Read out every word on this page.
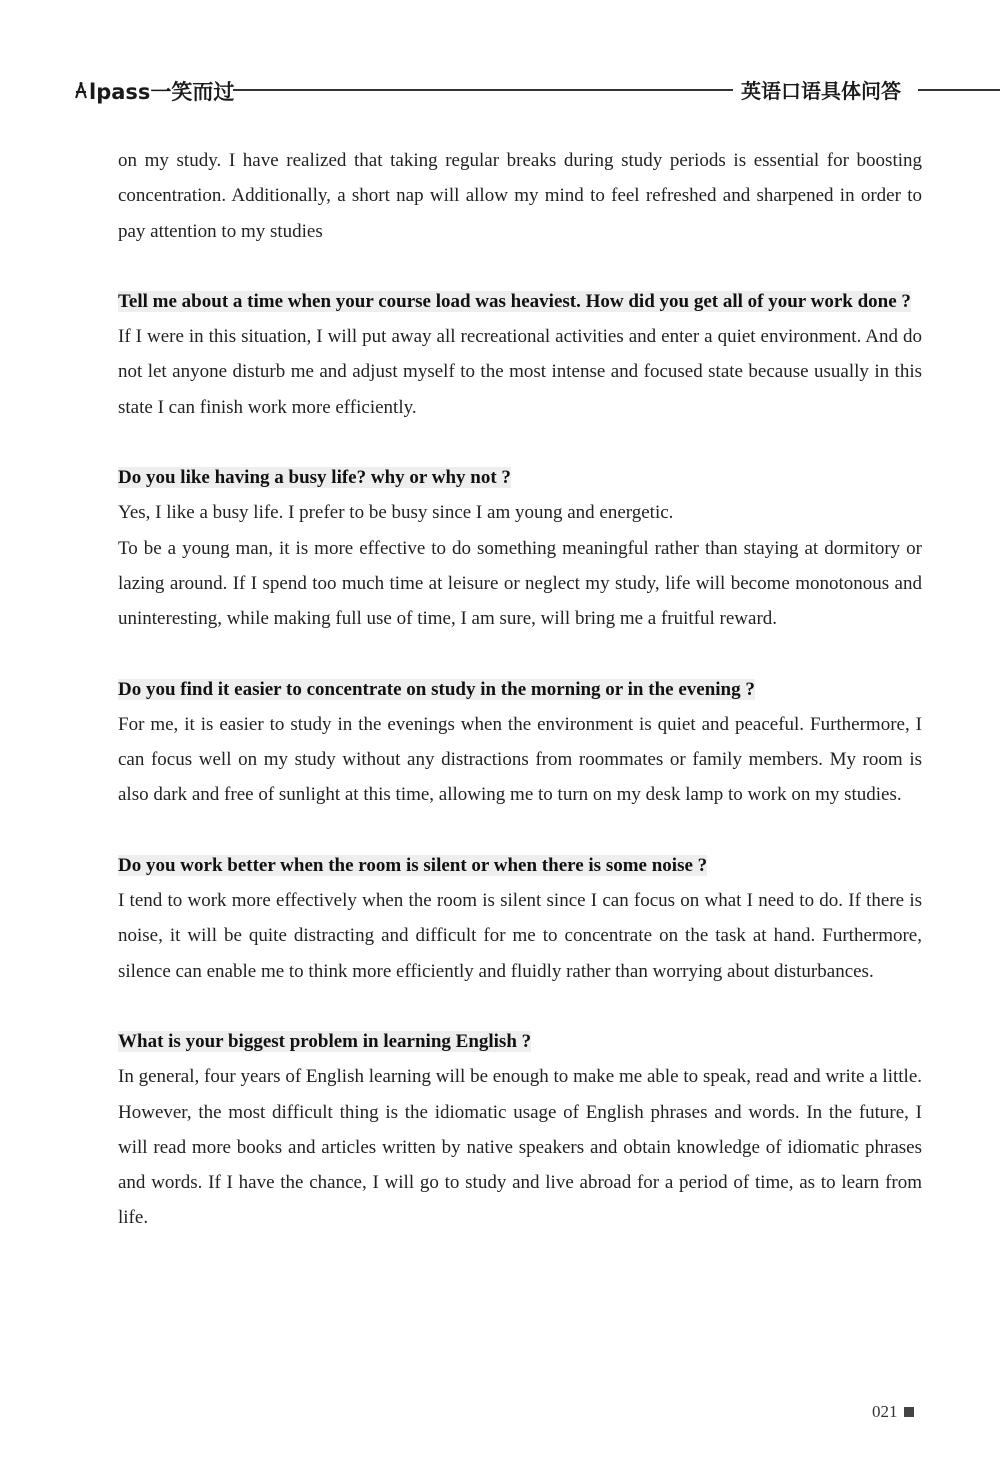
lpass一笑而过	英语口语具体问答

on my study. I have realized that taking regular breaks during study periods is essential for boosting concentration. Additionally, a short nap will allow my mind to feel refreshed and sharpened in order to pay attention to my studies

Tell me about a time when your course load was heaviest. How did you get all of your work done ?

If I were in this situation, I will put away all recreational activities and enter a quiet environment. And do not let anyone disturb me and adjust myself to the most intense and focused state because usually in this state I can finish work more efficiently.

Do you like having a busy life? why or why not ?

Yes, I like a busy life. I prefer to be busy since I am young and energetic.

To be a young man, it is more effective to do something meaningful rather than staying at dormitory or lazing around. If I spend too much time at leisure or neglect my study, life will become monotonous and uninteresting, while making full use of time, I am sure, will bring me a fruitful reward.

Do you find it easier to concentrate on study in the morning or in the evening ?

For me, it is easier to study in the evenings when the environment is quiet and peaceful. Furthermore, I can focus well on my study without any distractions from roommates or family members. My room is also dark and free of sunlight at this time, allowing me to turn on my desk lamp to work on my studies.

Do you work better when the room is silent or when there is some noise ?

I tend to work more effectively when the room is silent since I can focus on what I need to do. If there is noise, it will be quite distracting and difficult for me to concentrate on the task at hand. Furthermore, silence can enable me to think more efficiently and fluidly rather than worrying about disturbances.

What is your biggest problem in learning English ?

In general, four years of English learning will be enough to make me able to speak, read and write a little. However, the most difficult thing is the idiomatic usage of English phrases and words. In the future, I will read more books and articles written by native speakers and obtain knowledge of idiomatic phrases and words. If I have the chance, I will go to study and live abroad for a period of time, as to learn from life.

021
